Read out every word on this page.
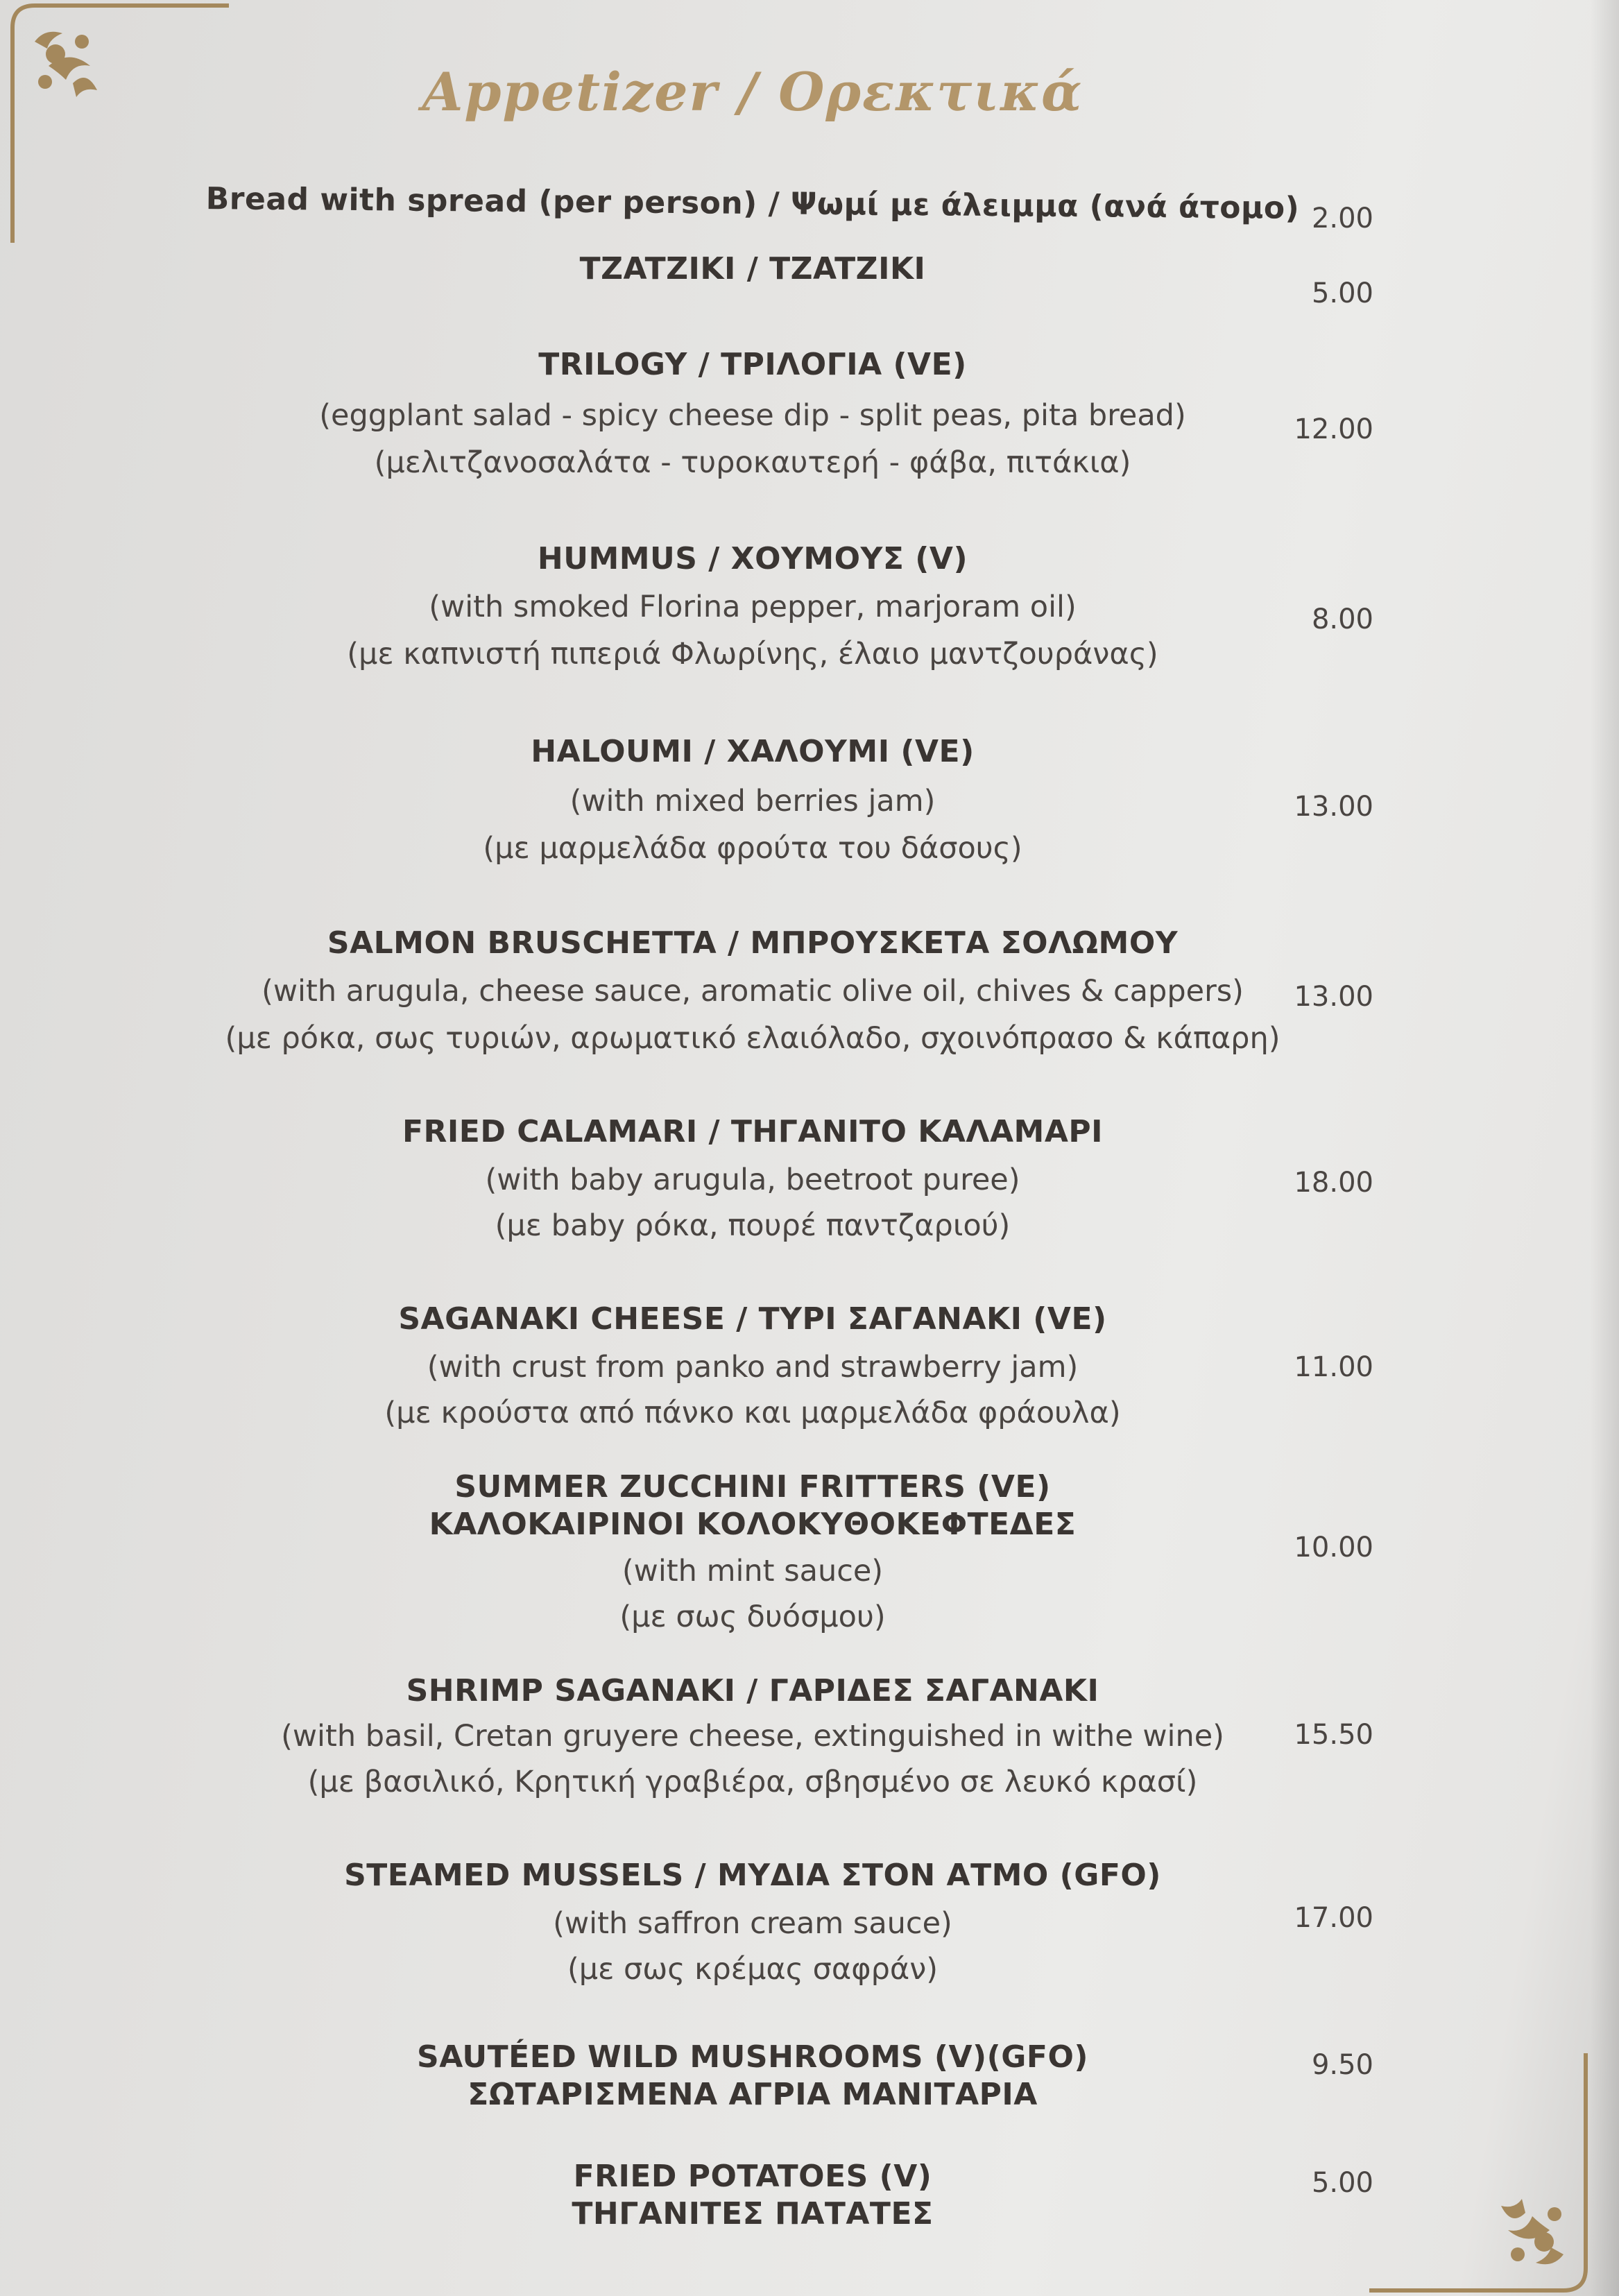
Appetizer / Ορεκτικά
Bread with spread (per person) / Ψωμί με άλειμμα (ανά άτομο) 2.00
TZATZIKI / TZATZIKI
5.00
TRILOGY / ΤΡΙΛΟΓΙΑ (VE)
(eggplant salad - spicy cheese dip - split peas, pita bread)
(μελιτζανοσαλάτα - τυροκαυτερή - φάβα, πιτάκια)
12.00
HUMMUS / ΧΟΥΜΟΥΣ (V)
(with smoked Florina pepper, marjoram oil)
(με καπνιστή πιπεριά Φλωρίνης, έλαιο μαντζουράνας)
8.00
HALOUMI / ΧΑΛΟΥΜΙ (VE)
(with mixed berries jam)
(με μαρμελάδα φρούτα του δάσους)
13.00
SALMON BRUSCHETTA / ΜΠΡΟΥΣΚΕΤΑ ΣΟΛΩΜΟΥ
(with arugula, cheese sauce, aromatic olive oil, chives & cappers)
(με ρόκα, σως τυριών, αρωματικό ελαιόλαδο, σχοινόπρασο & κάπαρη)
13.00
FRIED CALAMARI / ΤΗΓΑΝΙΤΟ ΚΑΛΑΜΑΡΙ
(with baby arugula, beetroot puree)
(με baby ρόκα, πουρέ παντζαριού)
18.00
SAGANAKI CHEESE / ΤΥΡΙ ΣΑΓΑΝΑΚΙ (VE)
(with crust from panko and strawberry jam)
(με κρούστα από πάνκο και μαρμελάδα φράουλα)
11.00
SUMMER ZUCCHINI FRITTERS (VE)
ΚΑΛΟΚΑΙΡΙΝΟΙ ΚΟΛΟΚΥΘΟΚΕΦΤΕΔΕΣ
(with mint sauce)
(με σως δυόσμου)
10.00
SHRIMP SAGANAKI / ΓΑΡΙΔΕΣ ΣΑΓΑΝΑΚΙ
(with basil, Cretan gruyere cheese, extinguished in withe wine)
(με βασιλικό, Κρητική γραβιέρα, σβησμένο σε λευκό κρασί)
15.50
STEAMED MUSSELS / ΜΥΔΙΑ ΣΤΟΝ ΑΤΜΟ (GFO)
(with saffron cream sauce)
(με σως κρέμας σαφράν)
17.00
SAUTÉED WILD MUSHROOMS (V)(GFO)
ΣΩΤΑΡΙΣΜΕΝΑ ΑΓΡΙΑ ΜΑΝΙΤΑΡΙΑ
9.50
FRIED POTATOES (V)
ΤΗΓΑΝΙΤΕΣ ΠΑΤΑΤΕΣ
5.00
